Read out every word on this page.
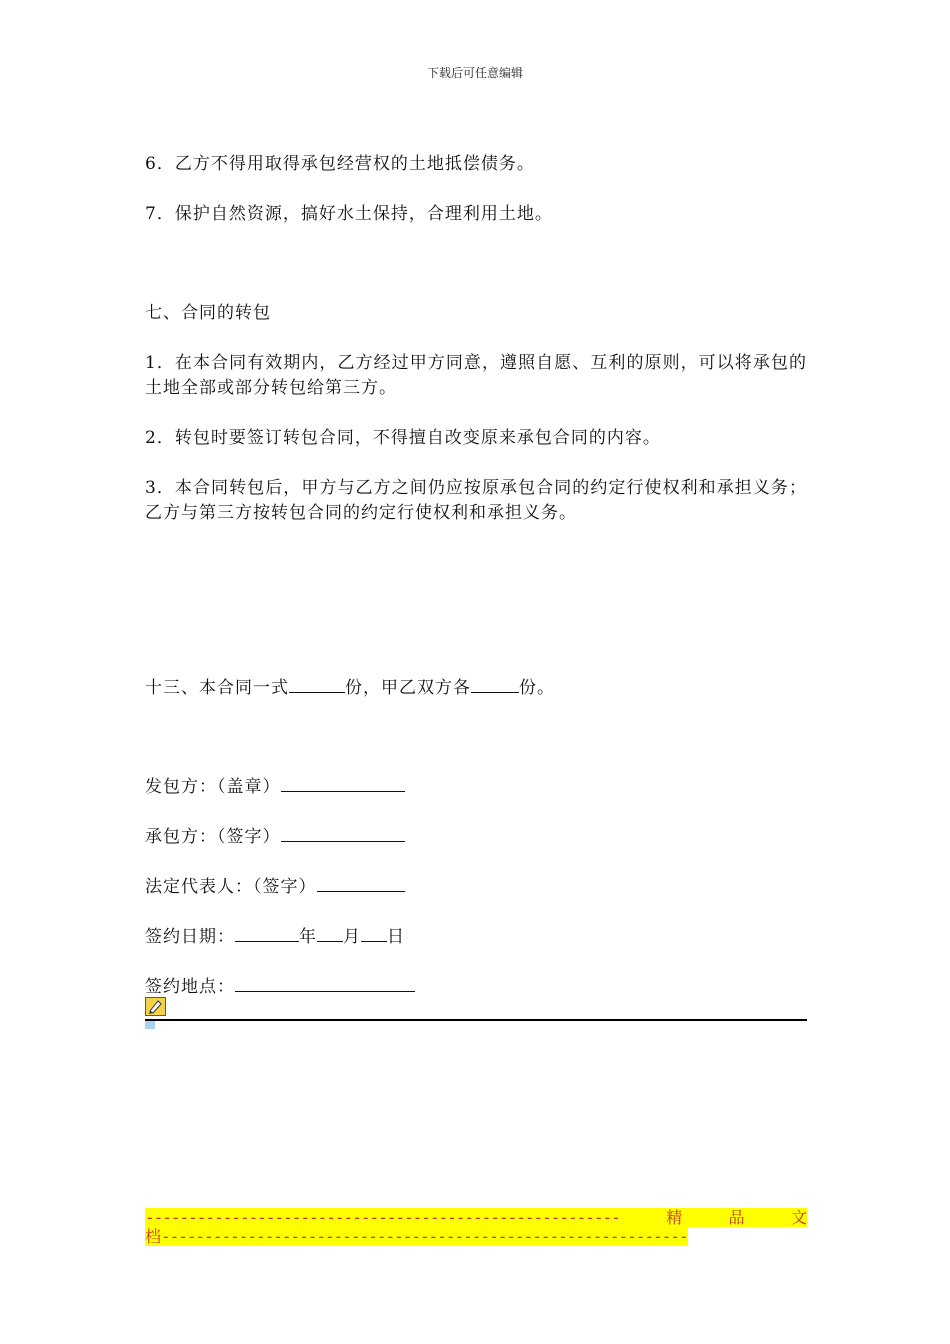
下载后可任意编辑
6．乙方不得用取得承包经营权的土地抵偿债务。
7．保护自然资源，搞好水土保持，合理利用土地。
七、合同的转包
1．在本合同有效期内，乙方经过甲方同意，遵照自愿、互利的原则，可以将承包的土地全部或部分转包给第三方。
2．转包时要签订转包合同，不得擅自改变原来承包合同的内容。
3．本合同转包后，甲方与乙方之间仍应按原承包合同的约定行使权利和承担义务；乙方与第三方按转包合同的约定行使权利和承担义务。
十三、本合同一式	份，甲乙双方各	份。
发包方：（盖章）
承包方：（签字）
法定代表人：（签字）
签约日期：	年 月 日
签约地点：
-------------------------------------------------------	精	品	文
档-------------------------------------------------------------
